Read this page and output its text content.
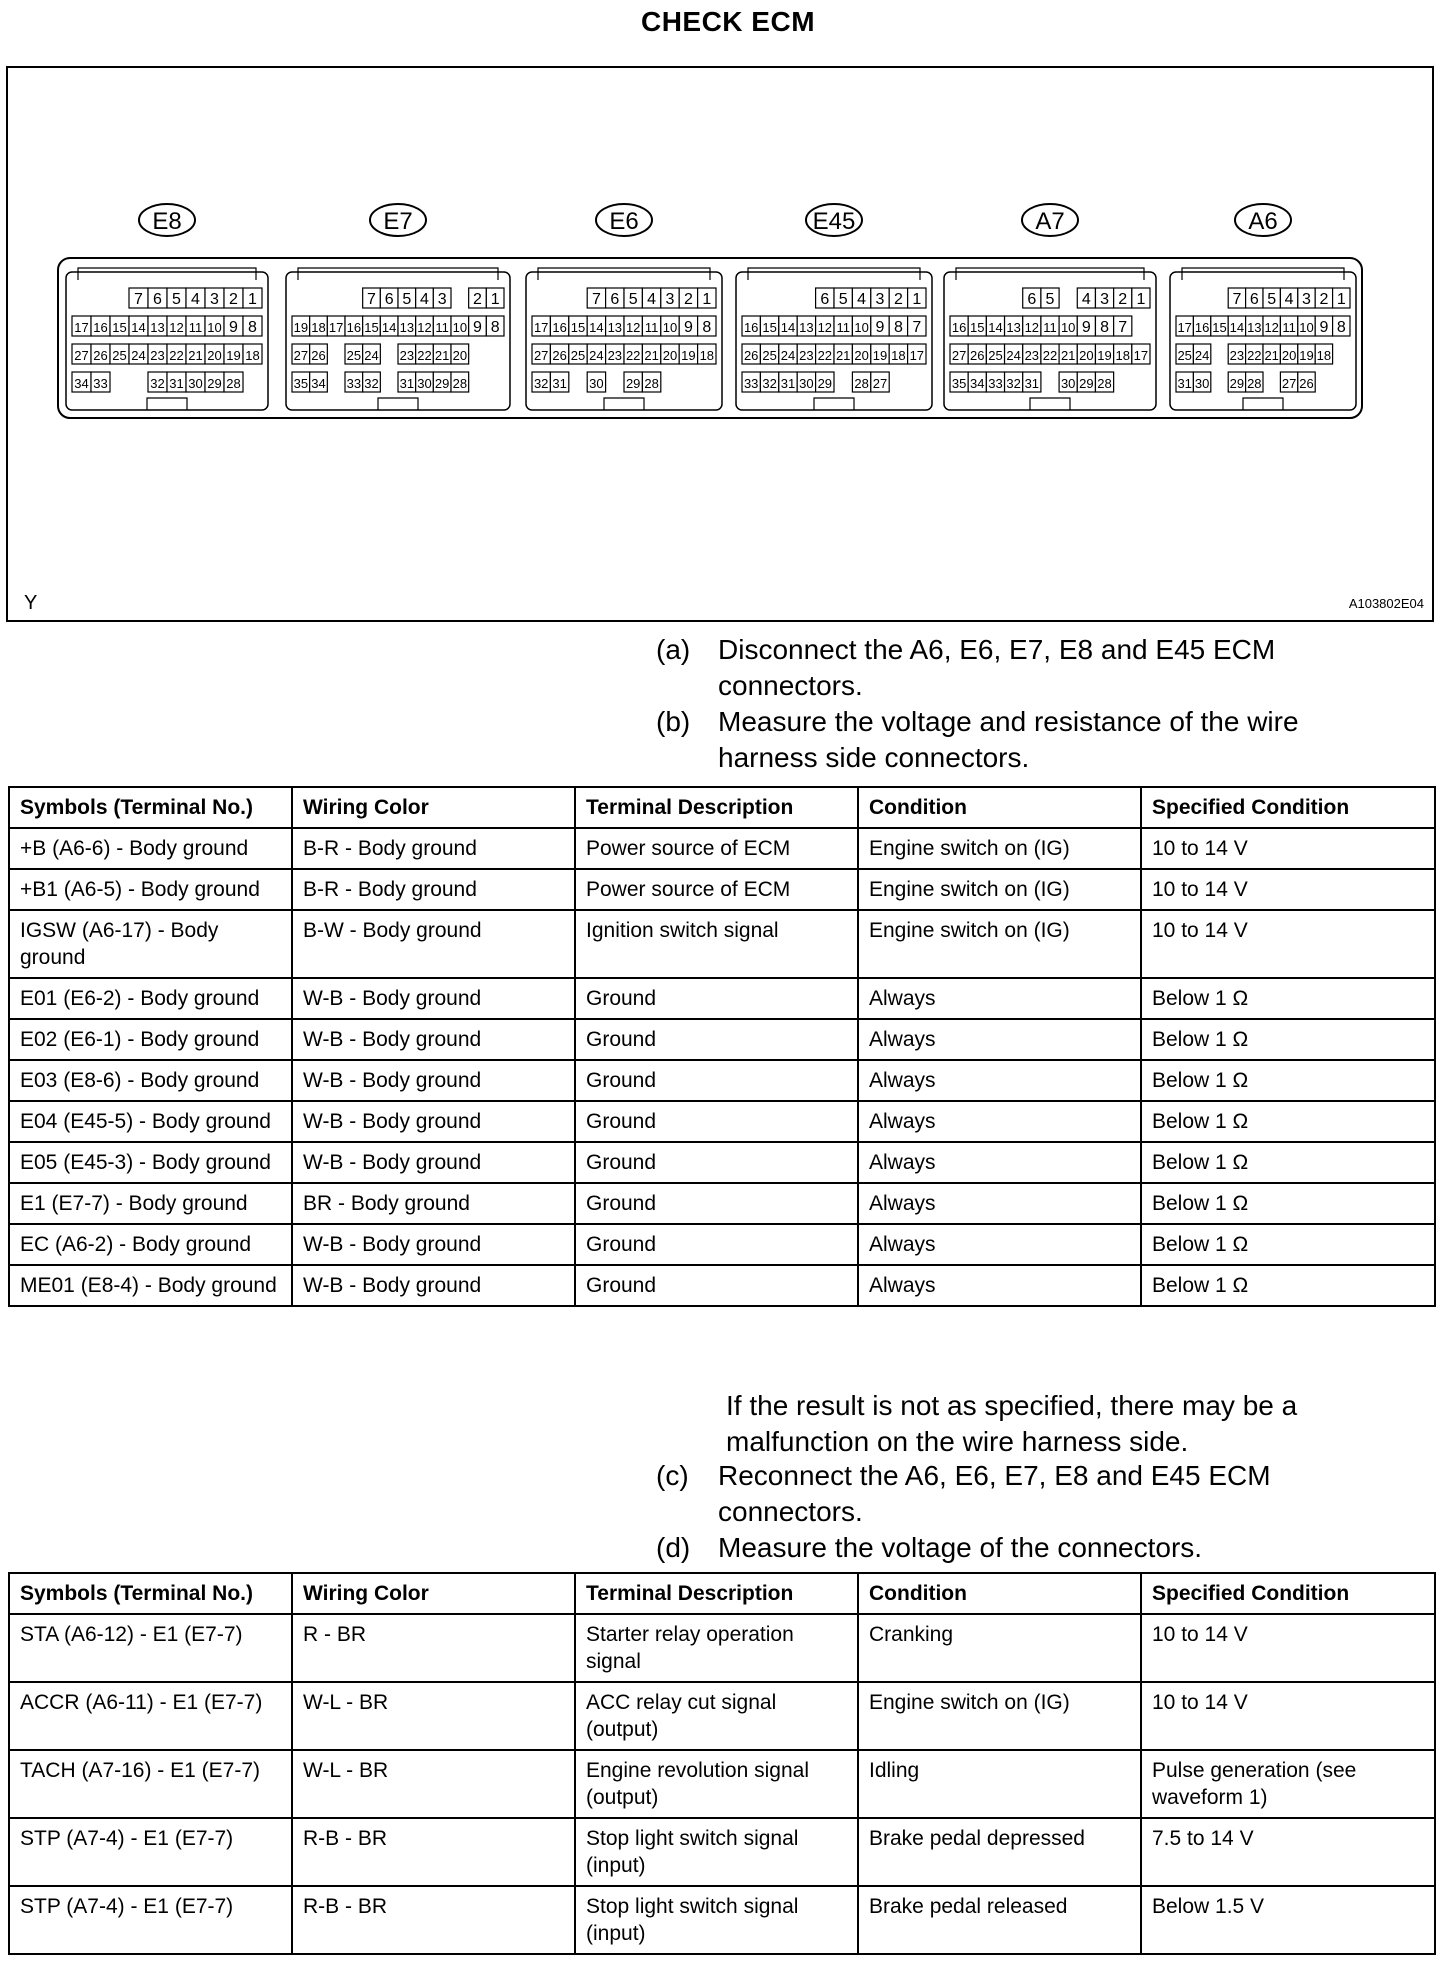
CHECK ECM
E8
7 6 5 4 3 2 1
17 16 15 14 13 12 11 10 9 8
27 26 25 24 23 22 21 20 19 18
34 33	32 31 30 29 28
E7
7 6 5 4 3 2 1
19 18 17 16 15 14 13 12 11 10 9 8
27 26 25 24 23 22 21 20
35 34 33 32 31 30 29 28
E6
7 6 5 4 3 2 1
17 16 15 14 13 12 11 10 9 8
27 26 25 24 23 22 21 20 19 18
32 31 30 29 28
E45
6 5 4 3 2 1
16 15 14 13 12 11 10 9 8 7
26 25 24 23 22 21 20 19 18 17
33 32 31 30 29 28 27
A7
6 5 4 3 2 1
16 15 14 13 12 11 10 9 8 7
27 26 25 24 23 22 21 20 19 18 17
35 34 33 32 31 30 29 28
A6
7 6 5 4 3 2 1
17 16 15 14 13 12 11 10 9 8
25 24 23 22 21 20 19 18
31 30 29 28 27 26
Y	A103802E04
(a) Disconnect the A6, E6, E7, E8 and E45 ECM connectors.
(b) Measure the voltage and resistance of the wire harness side connectors.
Symbols (Terminal No.)	Wiring Color	Terminal Description	Condition	Specified Condition
+B (A6-6) - Body ground	B-R - Body ground	Power source of ECM	Engine switch on (IG)	10 to 14 V
+B1 (A6-5) - Body ground	B-R - Body ground	Power source of ECM	Engine switch on (IG)	10 to 14 V
IGSW (A6-17) - Body ground	B-W - Body ground	Ignition switch signal	Engine switch on (IG)	10 to 14 V
E01 (E6-2) - Body ground	W-B - Body ground	Ground	Always	Below 1 Ω
E02 (E6-1) - Body ground	W-B - Body ground	Ground	Always	Below 1 Ω
E03 (E8-6) - Body ground	W-B - Body ground	Ground	Always	Below 1 Ω
E04 (E45-5) - Body ground	W-B - Body ground	Ground	Always	Below 1 Ω
E05 (E45-3) - Body ground	W-B - Body ground	Ground	Always	Below 1 Ω
E1 (E7-7) - Body ground	BR - Body ground	Ground	Always	Below 1 Ω
EC (A6-2) - Body ground	W-B - Body ground	Ground	Always	Below 1 Ω
ME01 (E8-4) - Body ground	W-B - Body ground	Ground	Always	Below 1 Ω
If the result is not as specified, there may be a malfunction on the wire harness side.
(c) Reconnect the A6, E6, E7, E8 and E45 ECM connectors.
(d) Measure the voltage of the connectors.
Symbols (Terminal No.)	Wiring Color	Terminal Description	Condition	Specified Condition
STA (A6-12) - E1 (E7-7)	R - BR	Starter relay operation signal	Cranking	10 to 14 V
ACCR (A6-11) - E1 (E7-7)	W-L - BR	ACC relay cut signal (output)	Engine switch on (IG)	10 to 14 V
TACH (A7-16) - E1 (E7-7)	W-L - BR	Engine revolution signal (output)	Idling	Pulse generation (see waveform 1)
STP (A7-4) - E1 (E7-7)	R-B - BR	Stop light switch signal (input)	Brake pedal depressed	7.5 to 14 V
STP (A7-4) - E1 (E7-7)	R-B - BR	Stop light switch signal (input)	Brake pedal released	Below 1.5 V
